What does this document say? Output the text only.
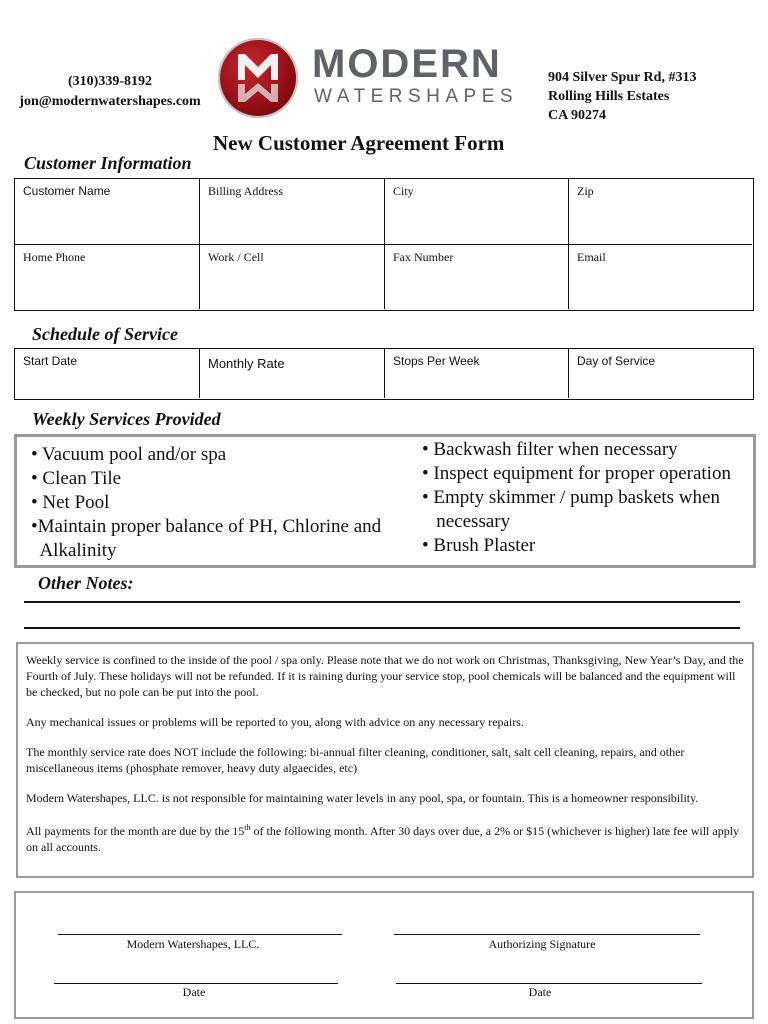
(310)339-8192
jon@modernwatershapes.com
MODERN
WATERSHAPES
904 Silver Spur Rd, #313
Rolling Hills Estates
CA 90274
New Customer Agreement Form
Customer Information
Customer Name	Billing Address	City	Zip
Home Phone	Work / Cell	Fax Number	Email
Schedule of Service
Start Date	Monthly Rate	Stops Per Week	Day of Service
Weekly Services Provided
• Vacuum pool and/or spa
• Clean Tile
• Net Pool
•Maintain proper balance of PH, Chlorine and
Alkalinity
• Backwash filter when necessary
• Inspect equipment for proper operation
• Empty skimmer / pump baskets when
necessary
• Brush Plaster
Other Notes:

Weekly service is confined to the inside of the pool / spa only. Please note that we do not work on Christmas, Thanksgiving, New Year’s Day, and the Fourth of July. These holidays will not be refunded. If it is raining during your service stop, pool chemicals will be balanced and the equipment will be checked, but no pole can be put into the pool.

Any mechanical issues or problems will be reported to you, along with advice on any necessary repairs.

The monthly service rate does NOT include the following: bi-annual filter cleaning, conditioner, salt, salt cell cleaning, repairs, and other miscellaneous items (phosphate remover, heavy duty algaecides, etc)

Modern Watershapes, LLC. is not responsible for maintaining water levels in any pool, spa, or fountain. This is a homeowner responsibility.

All payments for the month are due by the 15th of the following month. After 30 days over due, a 2% or $15 (whichever is higher) late fee will apply on all accounts.

Modern Watershapes, LLC.	Authorizing Signature
Date	Date
